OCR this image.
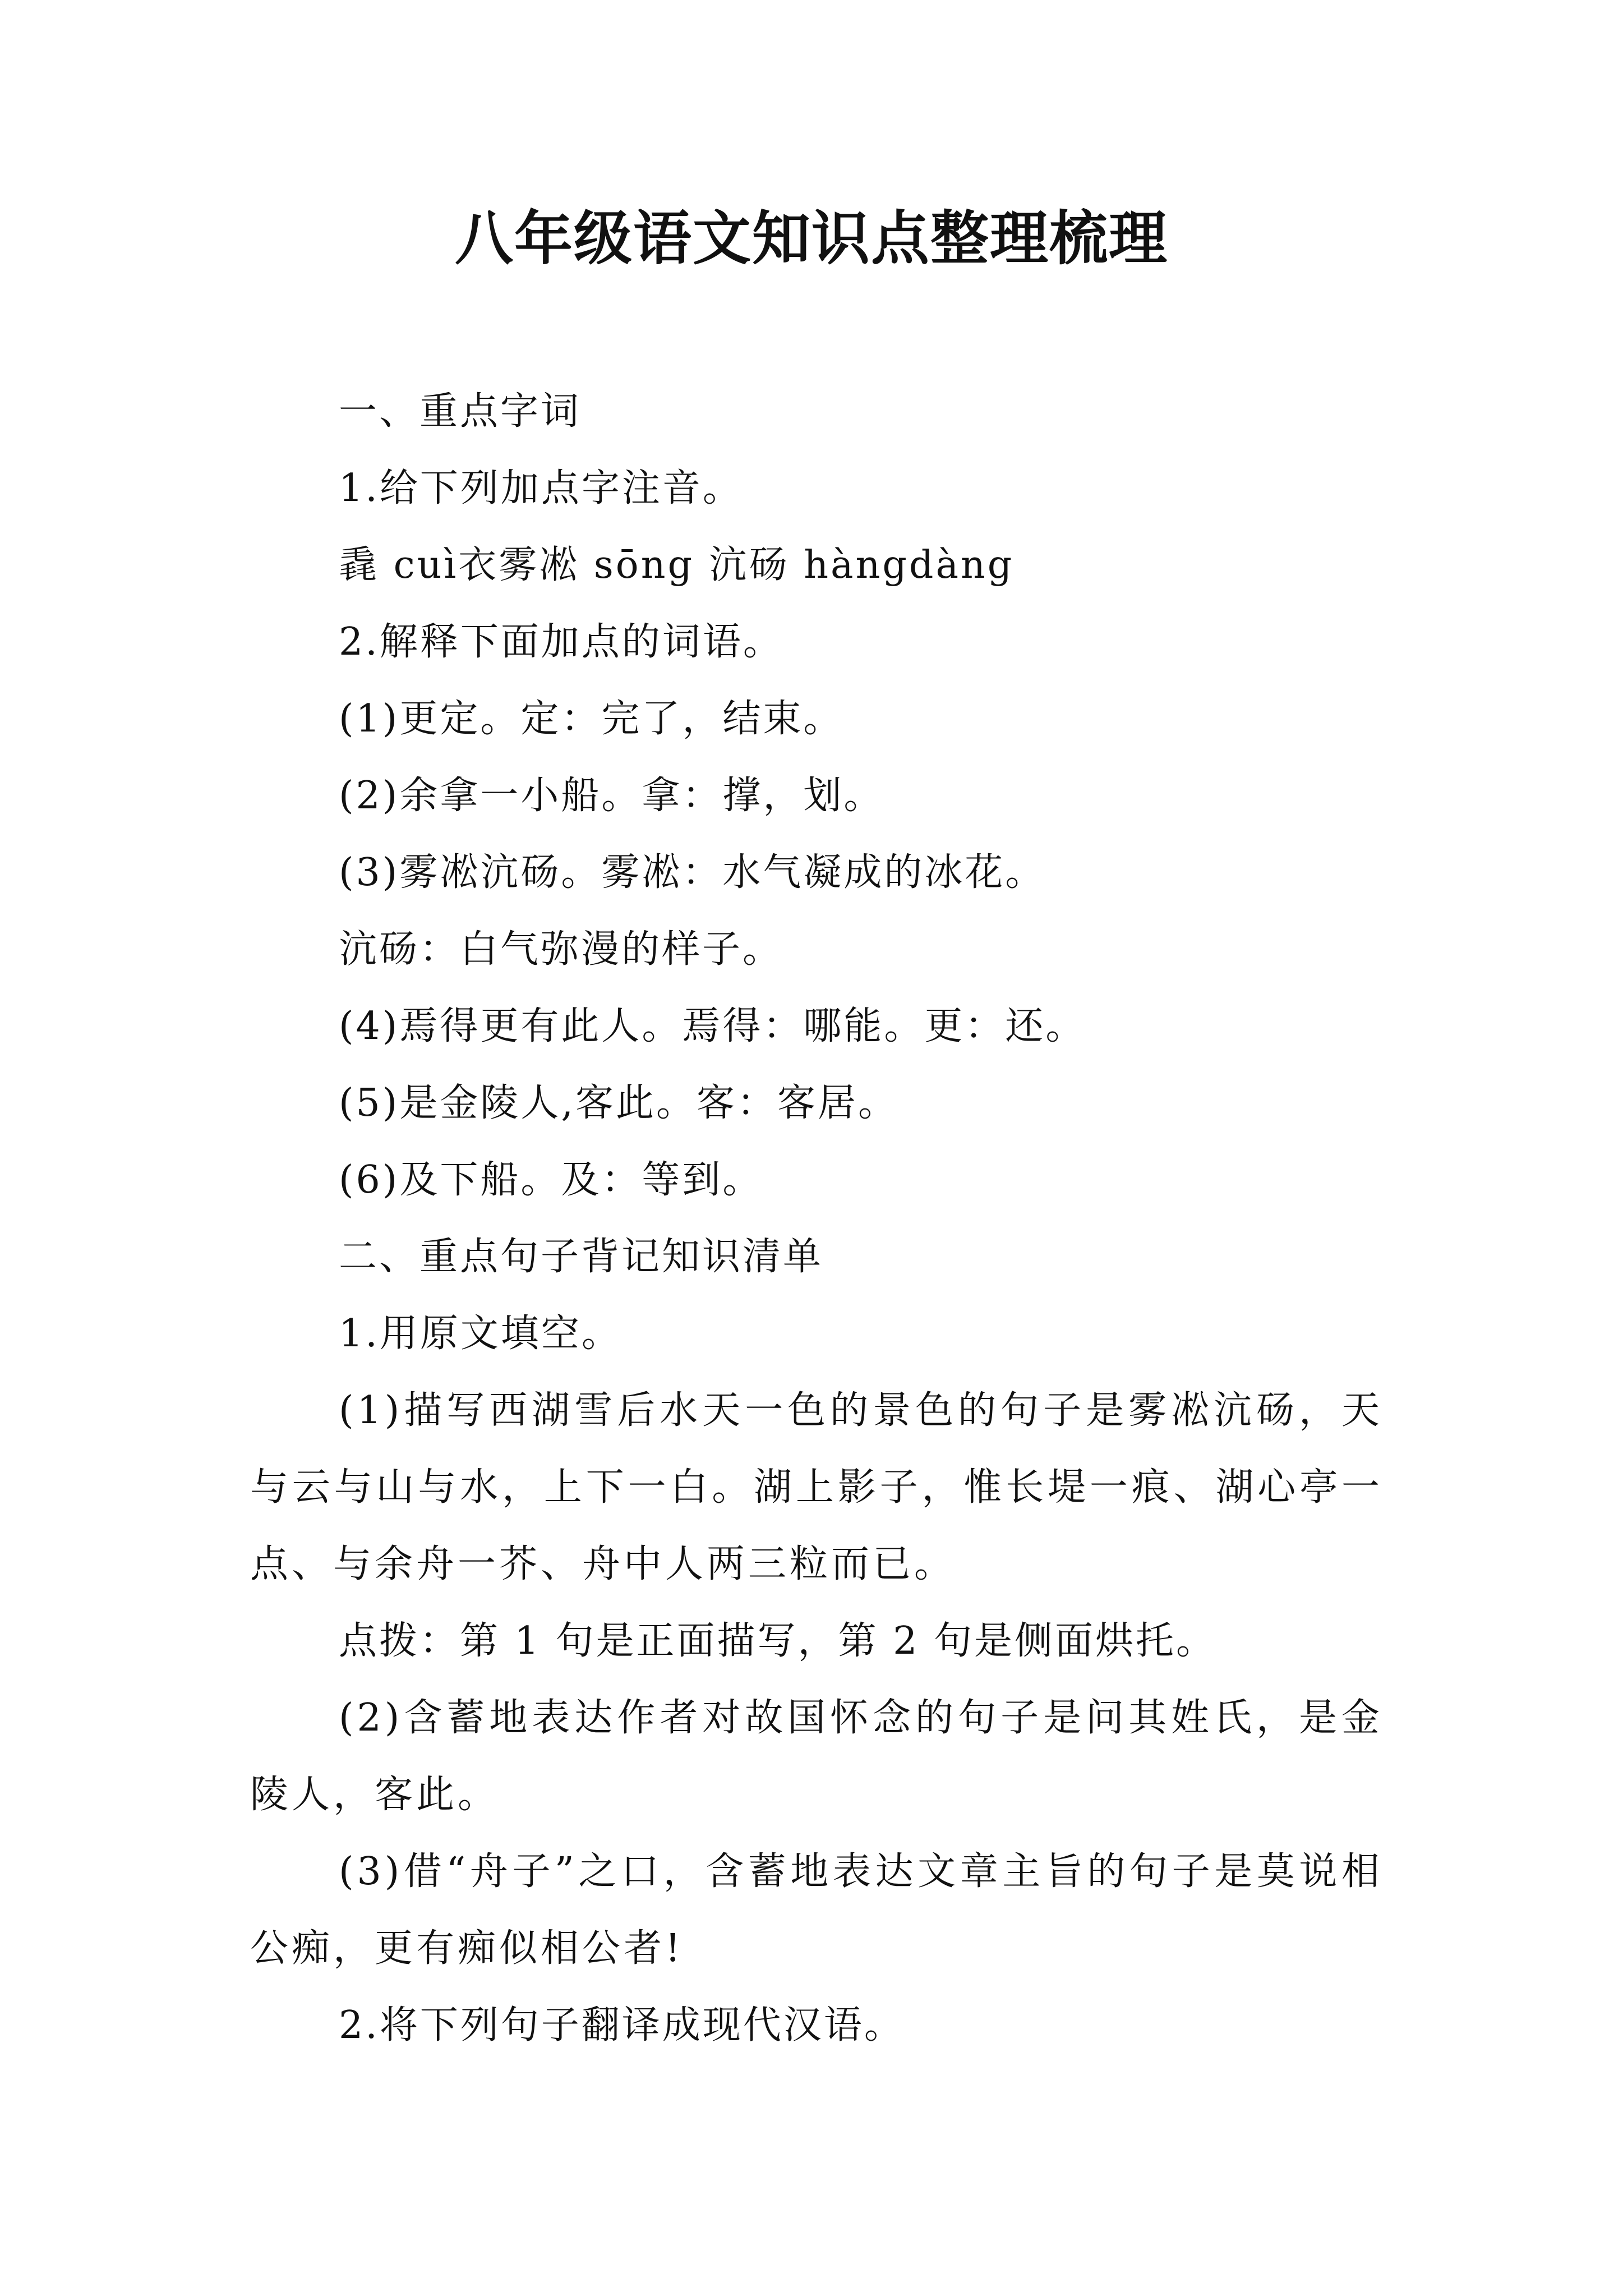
八年级语文知识点整理梳理
一、重点字词
1.给下列加点字注音。
毳 cuì衣雾凇 sōng 沆砀 hàngdàng
2.解释下面加点的词语。
(1)更定。定：完了，结束。
(2)余拿一小船。拿：撑，划。
(3)雾凇沆砀。雾凇：水气凝成的冰花。
沆砀：白气弥漫的样子。
(4)焉得更有此人。焉得：哪能。更：还。
(5)是金陵人,客此。客：客居。
(6)及下船。及：等到。
二、重点句子背记知识清单
1.用原文填空。
(1)描写西湖雪后水天一色的景色的句子是雾凇沆砀，天与云与山与水，上下一白。湖上影子，惟长堤一痕、湖心亭一点、与余舟一芥、舟中人两三粒而已。
点拨：第 1 句是正面描写，第 2 句是侧面烘托。
(2)含蓄地表达作者对故国怀念的句子是问其姓氏，是金陵人，客此。
(3)借“舟子”之口，含蓄地表达文章主旨的句子是莫说相公痴，更有痴似相公者!
2.将下列句子翻译成现代汉语。
